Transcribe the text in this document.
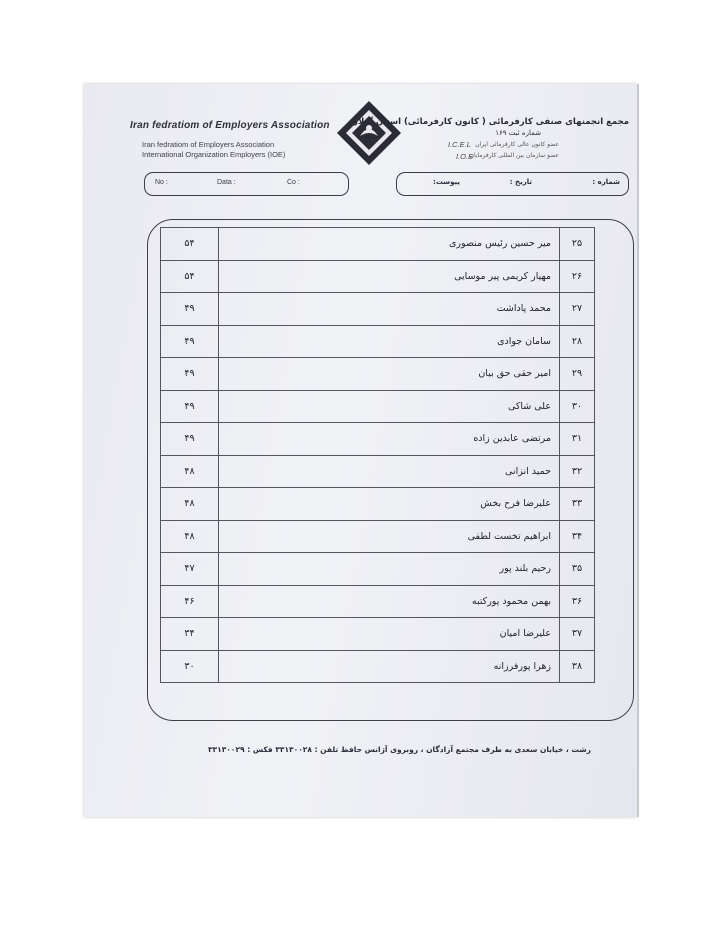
Iran fedratiom of Employers Association
Iran fedratiom of Employers Association
International Organization Employers (IOE)
مجمع انجمنهای صنفی کارفرمائی ( کانون کارفرمائی) استان گیلان
شماره ثبت ۱۶۹
عضو کانون عالی کارفرمائی ایران
I.C.E.L
عضو سازمان بین المللی کارفرمایان
I.O.E
No :	Data :	Co :	شماره :
تاریخ :
پیوست:
۵۴	میر حسین رئیس منصوری	۲۵
۵۴	مهیار کریمی پیر موسایی	۲۶
۴۹	محمد پاداشت	۲۷
۴۹	سامان جوادی	۲۸
۴۹	امیر حقی حق بیان	۲۹
۴۹	علی شاکی	۳۰
۴۹	مرتضی عابدین زاده	۳۱
۴۸	حمید انزانی	۳۲
۴۸	علیرضا فرح بخش	۳۳
۴۸	ابراهیم تخست لطفی	۳۴
۴۷	رحیم بلند پور	۳۵
۴۶	بهمن محمود پورکتبه	۳۶
۳۴	علیرضا امیان	۳۷
۳۰	زهرا پورفرزانه	۳۸
رشت ، خیابان سعدی به طرف مجتمع آزادگان ، روبروی آژانس حافظ تلفن : ۳۳۱۳۰۰۲۸ فکس : ۳۳۱۳۰۰۲۹
